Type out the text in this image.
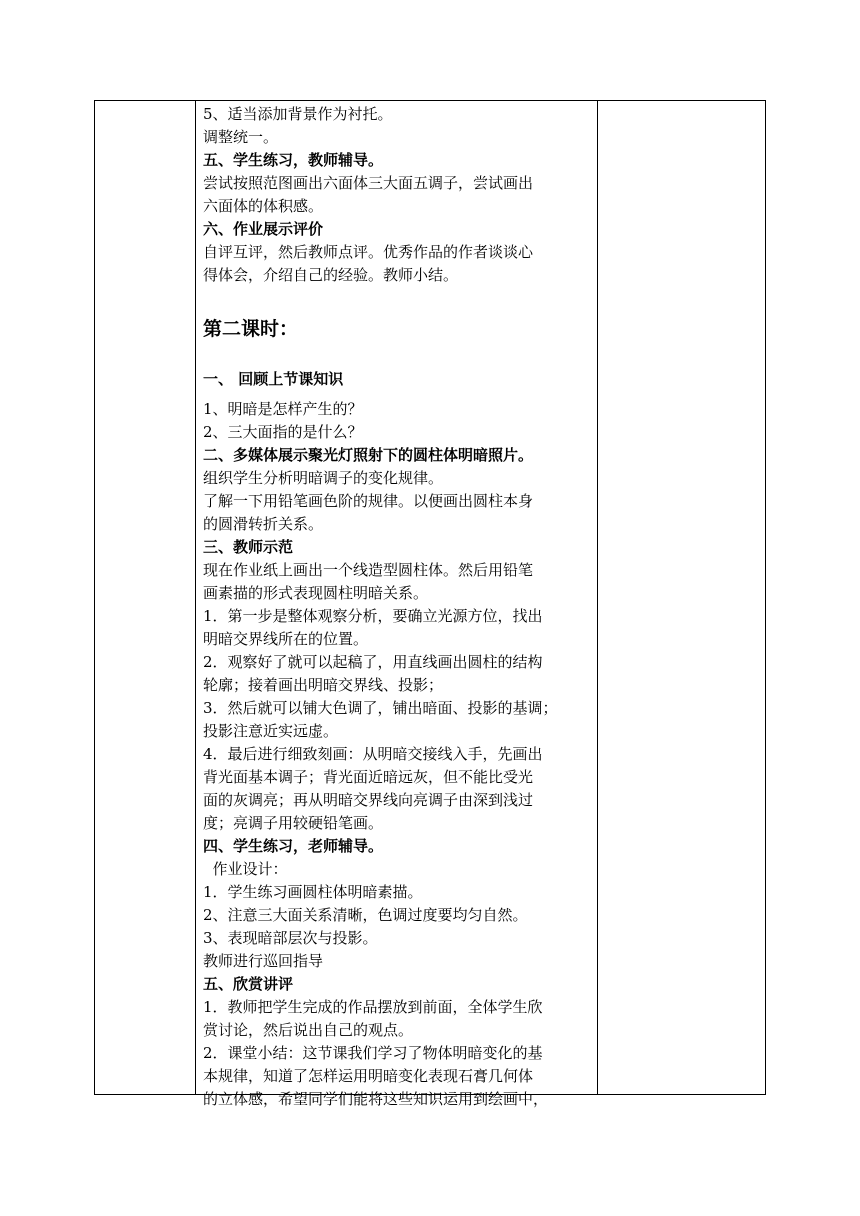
5、适当添加背景作为衬托。
调整统一。
五、学生练习，教师辅导。
尝试按照范图画出六面体三大面五调子，尝试画出
六面体的体积感。
六、作业展示评价
自评互评，然后教师点评。优秀作品的作者谈谈心
得体会，介绍自己的经验。教师小结。
第二课时：
一、 回顾上节课知识
1、明暗是怎样产生的？
2、三大面指的是什么？
二、多媒体展示聚光灯照射下的圆柱体明暗照片。
组织学生分析明暗调子的变化规律。
了解一下用铅笔画色阶的规律。以便画出圆柱本身
的圆滑转折关系。
三、教师示范
现在作业纸上画出一个线造型圆柱体。然后用铅笔
画素描的形式表现圆柱明暗关系。
1．第一步是整体观察分析，要确立光源方位，找出
明暗交界线所在的位置。
2．观察好了就可以起稿了，用直线画出圆柱的结构
轮廓；接着画出明暗交界线、投影；
3．然后就可以铺大色调了，铺出暗面、投影的基调；
投影注意近实远虚。
4．最后进行细致刻画：从明暗交接线入手，先画出
背光面基本调子；背光面近暗远灰，但不能比受光
面的灰调亮；再从明暗交界线向亮调子由深到浅过
度；亮调子用较硬铅笔画。
四、学生练习，老师辅导。
作业设计：
1．学生练习画圆柱体明暗素描。
2、注意三大面关系清晰，色调过度要均匀自然。
3、表现暗部层次与投影。
教师进行巡回指导
五、欣赏讲评
1．教师把学生完成的作品摆放到前面，全体学生欣
赏讨论，然后说出自己的观点。
2．课堂小结：这节课我们学习了物体明暗变化的基
本规律，知道了怎样运用明暗变化表现石膏几何体
的立体感，希望同学们能将这些知识运用到绘画中，
